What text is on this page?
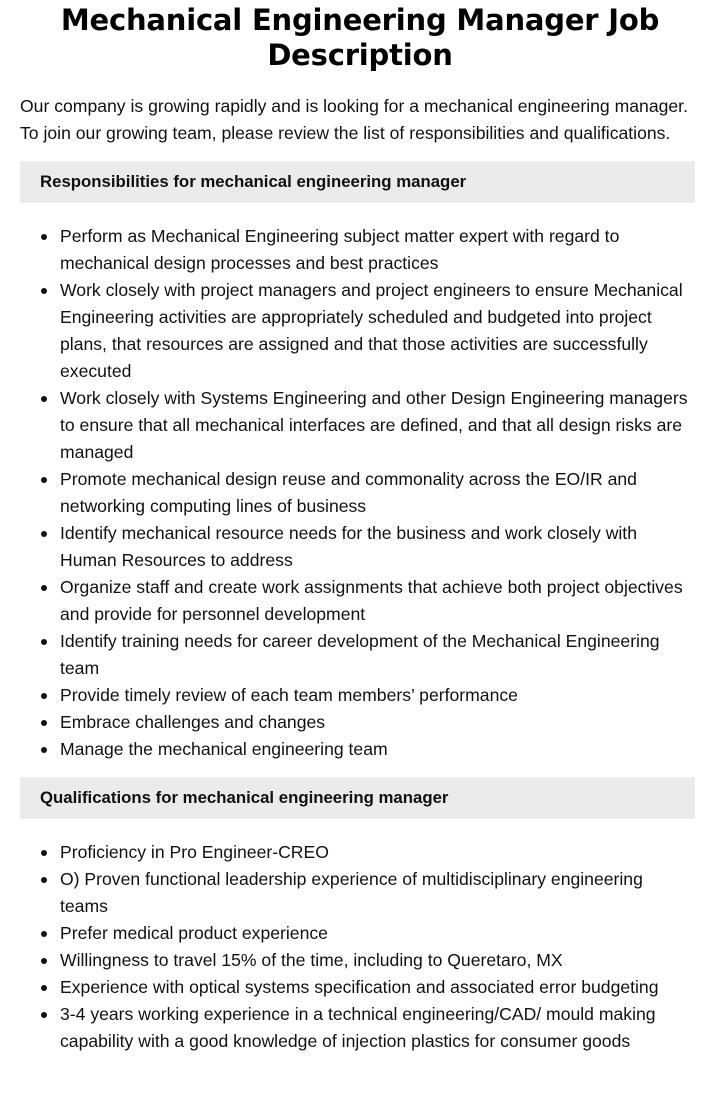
Mechanical Engineering Manager Job Description

Our company is growing rapidly and is looking for a mechanical engineering manager. To join our growing team, please review the list of responsibilities and qualifications.

Responsibilities for mechanical engineering manager
Perform as Mechanical Engineering subject matter expert with regard to mechanical design processes and best practices
Work closely with project managers and project engineers to ensure Mechanical Engineering activities are appropriately scheduled and budgeted into project plans, that resources are assigned and that those activities are successfully executed
Work closely with Systems Engineering and other Design Engineering managers to ensure that all mechanical interfaces are defined, and that all design risks are managed
Promote mechanical design reuse and commonality across the EO/IR and networking computing lines of business
Identify mechanical resource needs for the business and work closely with Human Resources to address
Organize staff and create work assignments that achieve both project objectives and provide for personnel development
Identify training needs for career development of the Mechanical Engineering team
Provide timely review of each team members’ performance
Embrace challenges and changes
Manage the mechanical engineering team
Qualifications for mechanical engineering manager
Proficiency in Pro Engineer-CREO
O) Proven functional leadership experience of multidisciplinary engineering teams
Prefer medical product experience
Willingness to travel 15% of the time, including to Queretaro, MX
Experience with optical systems specification and associated error budgeting
3-4 years working experience in a technical engineering/CAD/ mould making capability with a good knowledge of injection plastics for consumer goods
